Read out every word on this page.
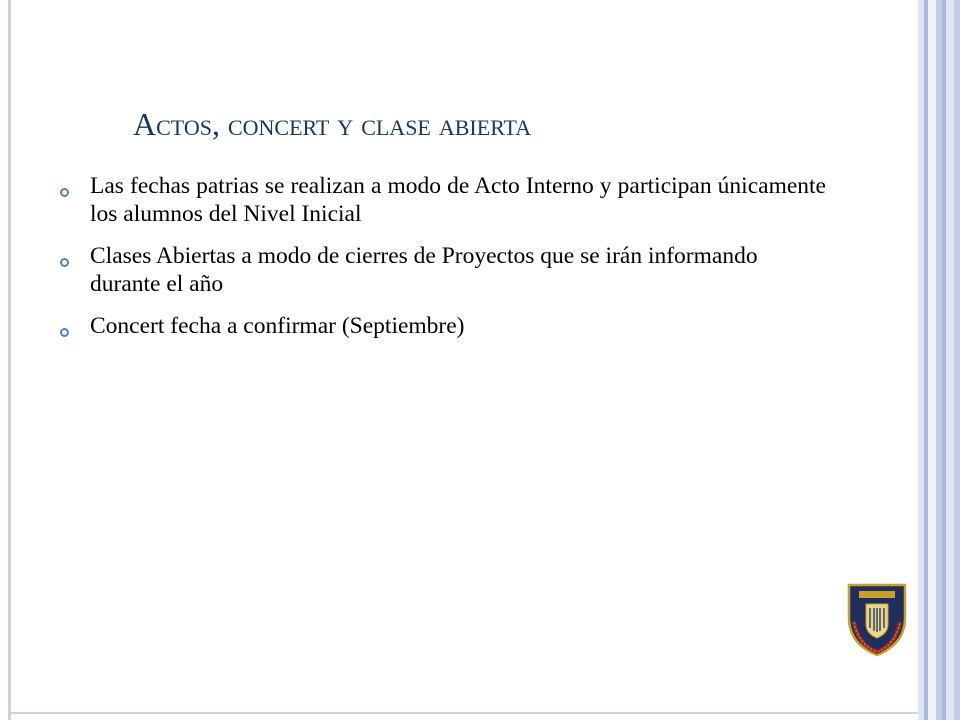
Actos, concert y clase abierta
Las fechas patrias se realizan a modo de Acto Interno y participan únicamente los alumnos del Nivel Inicial
Clases Abiertas a modo de cierres de Proyectos que se irán informando durante el año
Concert fecha a confirmar (Septiembre)
